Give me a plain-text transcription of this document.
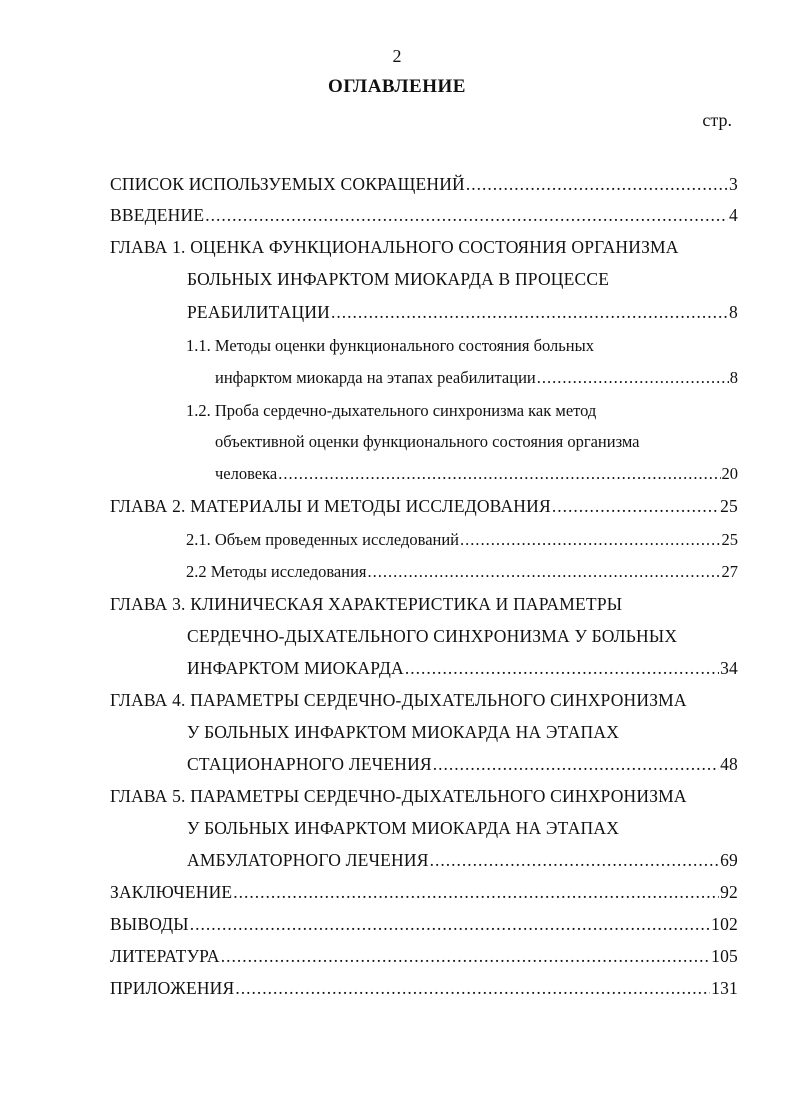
2
ОГЛАВЛЕНИЕ
стр.
СПИСОК ИСПОЛЬЗУЕМЫХ СОКРАЩЕНИЙ .....	3
ВВЕДЕНИЕ .....	4
ГЛАВА 1. ОЦЕНКА ФУНКЦИОНАЛЬНОГО СОСТОЯНИЯ ОРГАНИЗМА
БОЛЬНЫХ ИНФАРКТОМ МИОКАРДА В ПРОЦЕССЕ
РЕАБИЛИТАЦИИ .....	8
1.1. Методы оценки функционального состояния больных
инфарктом миокарда на этапах реабилитации .....	8
1.2. Проба сердечно-дыхательного синхронизма как метод
объективной оценки функционального состояния организма
человека .....	20
ГЛАВА 2. МАТЕРИАЛЫ И МЕТОДЫ ИССЛЕДОВАНИЯ .....	25
2.1. Объем проведенных исследований .....	25
2.2 Методы исследования .....	27
ГЛАВА 3. КЛИНИЧЕСКАЯ ХАРАКТЕРИСТИКА И ПАРАМЕТРЫ
СЕРДЕЧНО-ДЫХАТЕЛЬНОГО СИНХРОНИЗМА У БОЛЬНЫХ
ИНФАРКТОМ МИОКАРДА .....	34
ГЛАВА 4. ПАРАМЕТРЫ СЕРДЕЧНО-ДЫХАТЕЛЬНОГО СИНХРОНИЗМА
У БОЛЬНЫХ ИНФАРКТОМ МИОКАРДА НА ЭТАПАХ
СТАЦИОНАРНОГО ЛЕЧЕНИЯ .....	48
ГЛАВА 5. ПАРАМЕТРЫ СЕРДЕЧНО-ДЫХАТЕЛЬНОГО СИНХРОНИЗМА
У БОЛЬНЫХ ИНФАРКТОМ МИОКАРДА НА ЭТАПАХ
АМБУЛАТОРНОГО ЛЕЧЕНИЯ .....	69
ЗАКЛЮЧЕНИЕ .....	92
ВЫВОДЫ .....	102
ЛИТЕРАТУРА .....	105
ПРИЛОЖЕНИЯ .....	131
